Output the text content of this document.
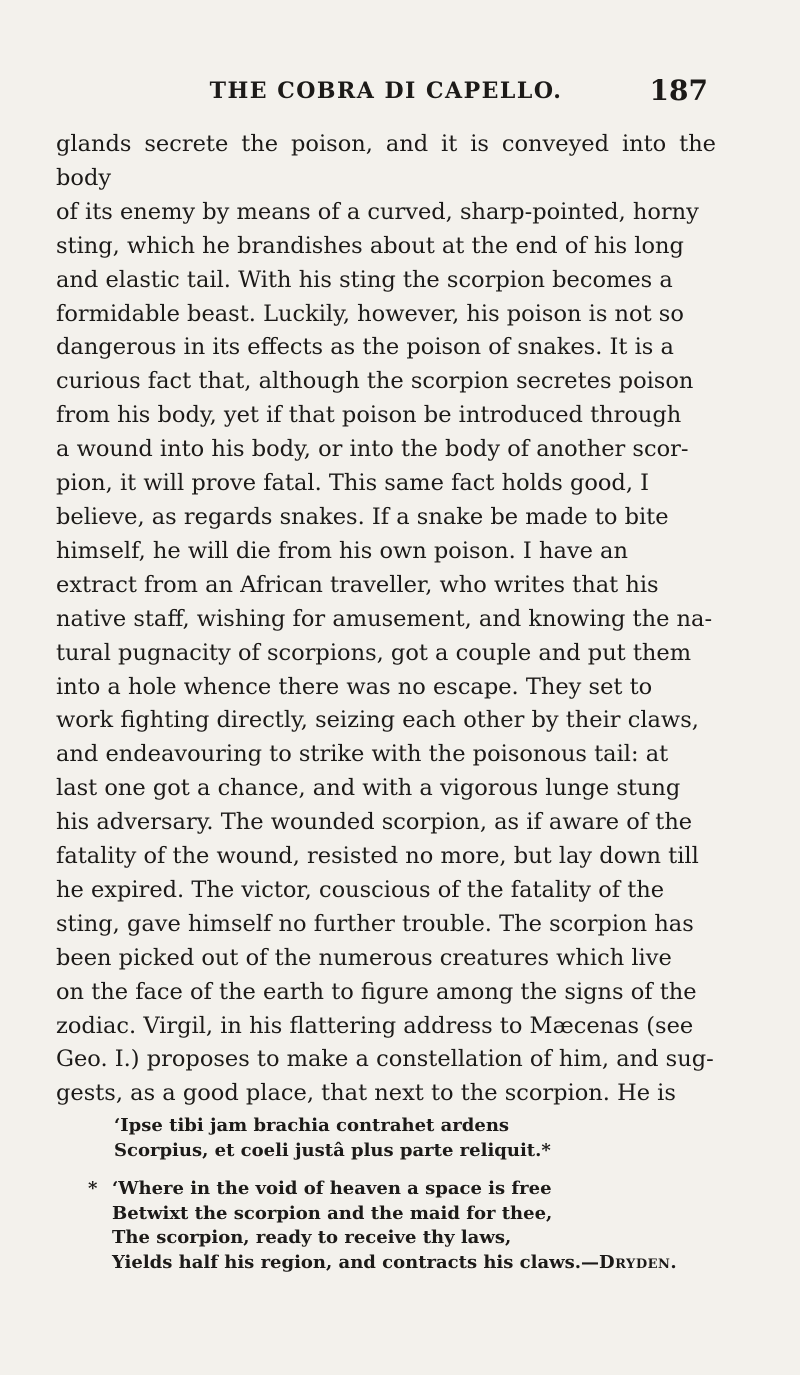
THE COBRA DI CAPELLO.	187

glands secrete the poison, and it is conveyed into the body

of its enemy by means of a curved, sharp-pointed, horny

sting, which he brandishes about at the end of his long

and elastic tail. With his sting the scorpion becomes a

formidable beast. Luckily, however, his poison is not so

dangerous in its effects as the poison of snakes. It is a

curious fact that, although the scorpion secretes poison

from his body, yet if that poison be introduced through

a wound into his body, or into the body of another scor-

pion, it will prove fatal. This same fact holds good, I

believe, as regards snakes. If a snake be made to bite

himself, he will die from his own poison. I have an

extract from an African traveller, who writes that his

native staff, wishing for amusement, and knowing the na-

tural pugnacity of scorpions, got a couple and put them

into a hole whence there was no escape. They set to

work fighting directly, seizing each other by their claws,

and endeavouring to strike with the poisonous tail: at

last one got a chance, and with a vigorous lunge stung

his adversary. The wounded scorpion, as if aware of the

fatality of the wound, resisted no more, but lay down till

he expired. The victor, couscious of the fatality of the

sting, gave himself no further trouble. The scorpion has

been picked out of the numerous creatures which live

on the face of the earth to figure among the signs of the

zodiac. Virgil, in his flattering address to Mæcenas (see

Geo. I.) proposes to make a constellation of him, and sug-

gests, as a good place, that next to the scorpion. He is

‘Ipse tibi jam brachia contrahet ardens
Scorpius, et coeli justâ plus parte reliquit.*
* ‘Where in the void of heaven a space is free
Betwixt the scorpion and the maid for thee,
The scorpion, ready to receive thy laws,
Yields half his region, and contracts his claws.—Dryden.
